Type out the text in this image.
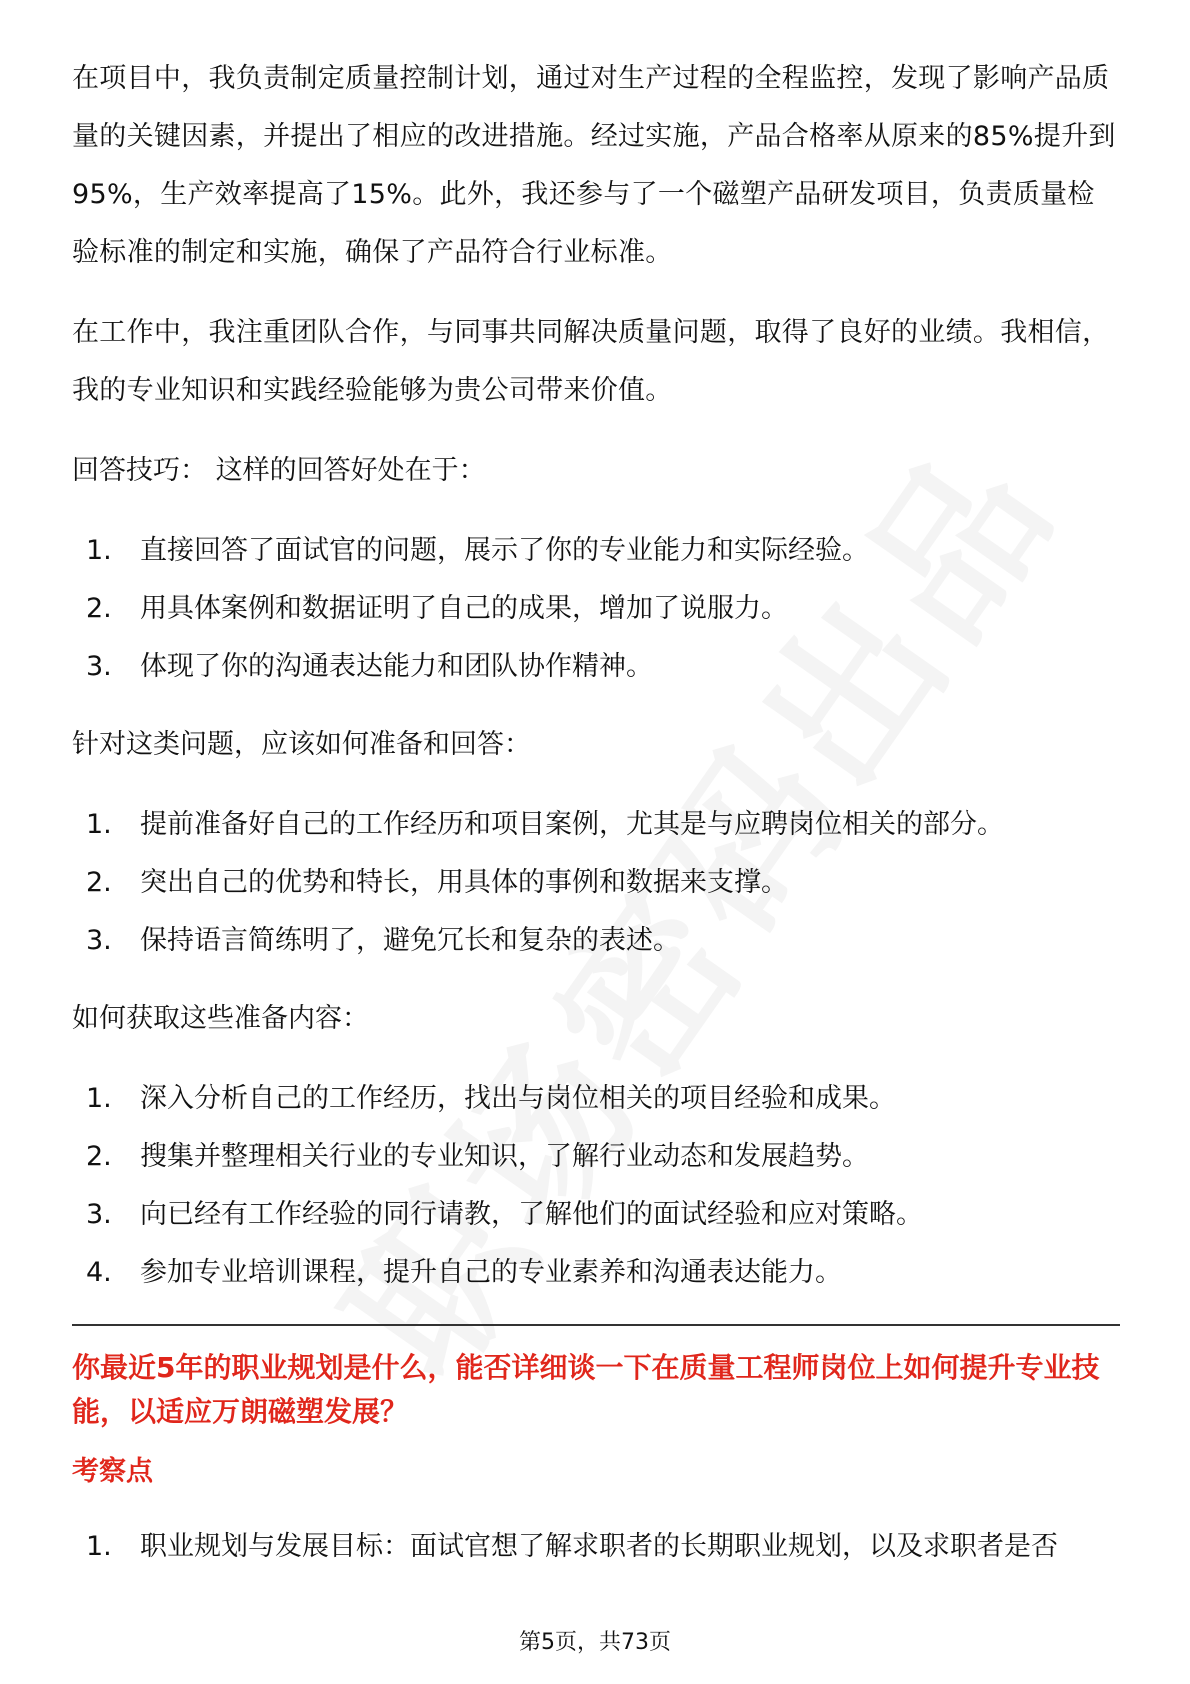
在项目中，我负责制定质量控制计划，通过对生产过程的全程监控，发现了影响产品质量的关键因素，并提出了相应的改进措施。经过实施，产品合格率从原来的85%提升到95%，生产效率提高了15%。此外，我还参与了一个磁塑产品研发项目，负责质量检验标准的制定和实施，确保了产品符合行业标准。

在工作中，我注重团队合作，与同事共同解决质量问题，取得了良好的业绩。我相信，我的专业知识和实践经验能够为贵公司带来价值。

回答技巧： 这样的回答好处在于：

1.	直接回答了面试官的问题，展示了你的专业能力和实际经验。
2.	用具体案例和数据证明了自己的成果，增加了说服力。
3.	体现了你的沟通表达能力和团队协作精神。

针对这类问题，应该如何准备和回答：

1.	提前准备好自己的工作经历和项目案例，尤其是与应聘岗位相关的部分。
2.	突出自己的优势和特长，用具体的事例和数据来支撑。
3.	保持语言简练明了，避免冗长和复杂的表述。

如何获取这些准备内容：

1.	深入分析自己的工作经历，找出与岗位相关的项目经验和成果。
2.	搜集并整理相关行业的专业知识，了解行业动态和发展趋势。
3.	向已经有工作经验的同行请教，了解他们的面试经验和应对策略。
4.	参加专业培训课程，提升自己的专业素养和沟通表达能力。

你最近5年的职业规划是什么，能否详细谈一下在质量工程师岗位上如何提升专业技能，以适应万朗磁塑发展？

考察点

1.	职业规划与发展目标：面试官想了解求职者的长期职业规划，以及求职者是否
第5页，共73页
